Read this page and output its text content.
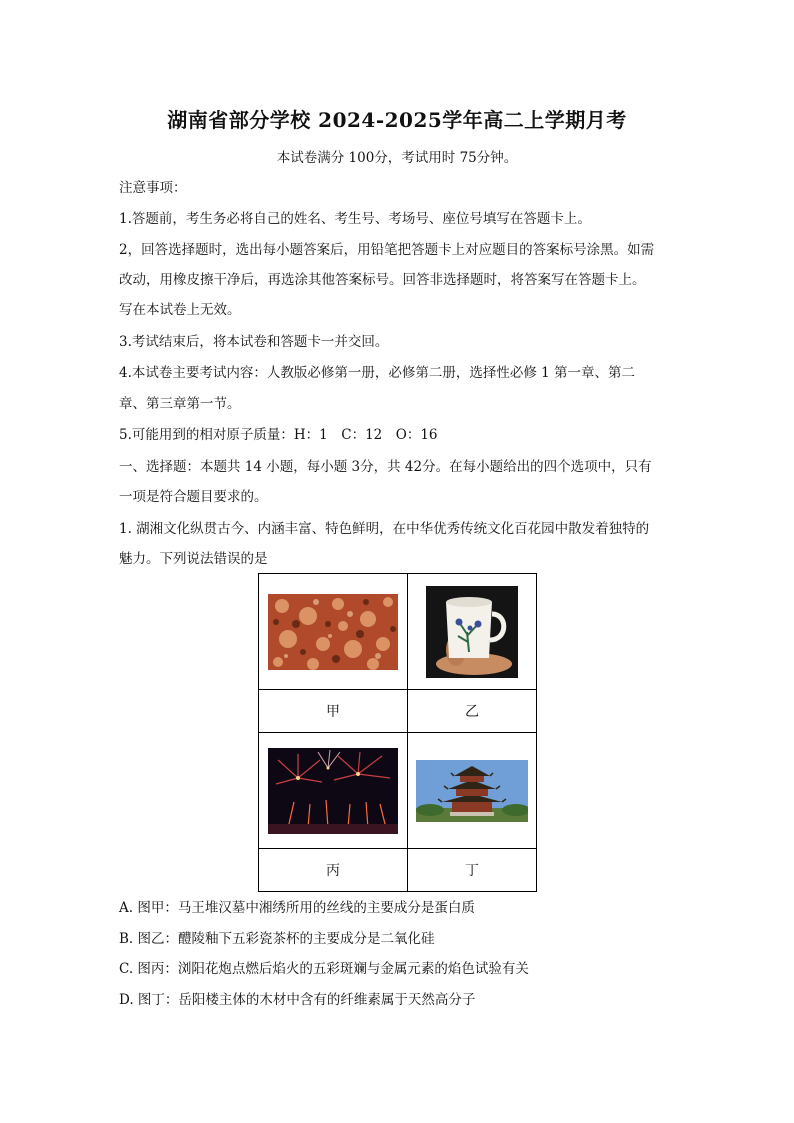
湖南省部分学校 2024-2025学年高二上学期月考
本试卷满分 100分，考试用时 75分钟。
注意事项：
1.答题前，考生务必将自己的姓名、考生号、考场号、座位号填写在答题卡上。
2，回答选择题时，选出每小题答案后，用铅笔把答题卡上对应题目的答案标号涂黑。如需
改动，用橡皮擦干净后，再选涂其他答案标号。回答非选择题时，将答案写在答题卡上。
写在本试卷上无效。
3.考试结束后，将本试卷和答题卡一并交回。
4.本试卷主要考试内容：人教版必修第一册，必修第二册，选择性必修 1 第一章、第二
章、第三章第一节。
5.可能用到的相对原子质量：H：1　C：12　O：16
一、选择题：本题共 14 小题，每小题 3分，共 42分。在每小题给出的四个选项中，只有
一项是符合题目要求的。
1. 湖湘文化纵贯古今、内涵丰富、特色鲜明，在中华优秀传统文化百花园中散发着独特的
魅力。下列说法错误的是

甲	乙

丙	丁
A. 图甲：马王堆汉墓中湘绣所用的丝线的主要成分是蛋白质
B. 图乙：醴陵釉下五彩瓷茶杯的主要成分是二氧化硅
C. 图丙：浏阳花炮点燃后焰火的五彩斑斓与金属元素的焰色试验有关
D. 图丁：岳阳楼主体的木材中含有的纤维素属于天然高分子
